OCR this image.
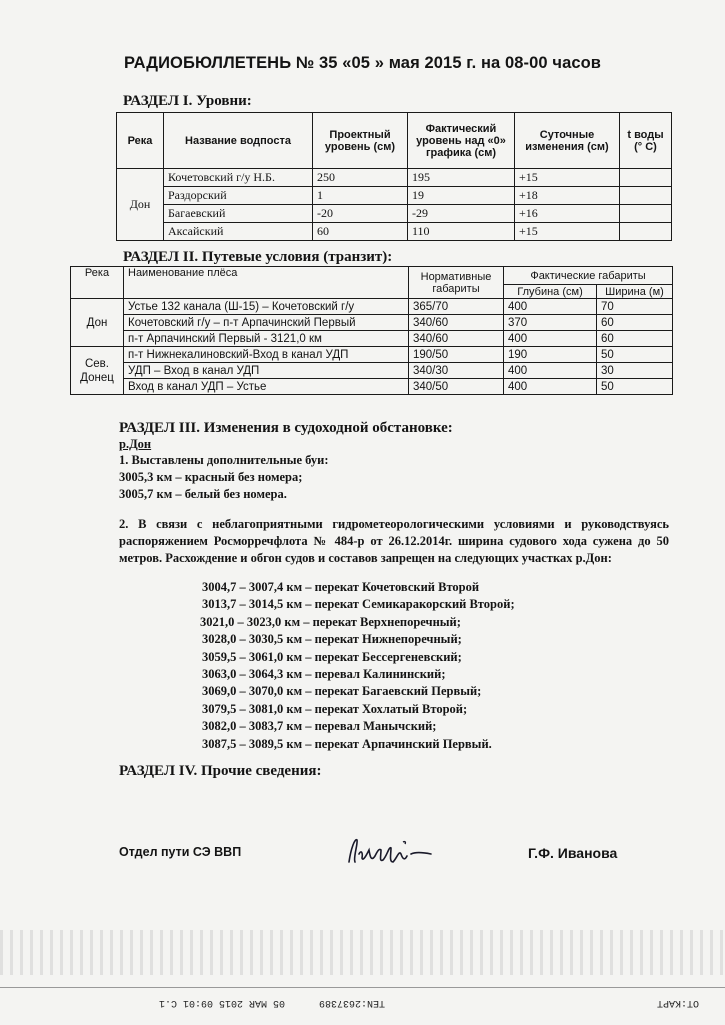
РАДИОБЮЛЛЕТЕНЬ № 35 «05 » мая 2015 г. на 08-00 часов
РАЗДЕЛ I. Уровни:
Река	Название водпоста	Проектный уровень (см)	Фактический уровень над «0» графика (см)	Суточные изменения (см)	t воды (° С)
Дон	Кочетовский г/у Н.Б.	250	195	+15	
	Раздорский	1	19	+18	
	Багаевский	-20	-29	+16	
	Аксайский	60	110	+15	
РАЗДЕЛ II. Путевые условия (транзит):
Река	Наименование плёса	Нормативные габариты	Фактические габариты	
			Глубина (см)	Ширина (м)
Дон	Устье 132 канала (Ш-15) – Кочетовский г/у	365/70	400	70
	Кочетовский г/у – п-т Арпачинский Первый	340/60	370	60
	п-т Арпачинский Первый - 3121,0 км	340/60	400	60
Сев. Донец	п-т Нижнекалиновский-Вход в канал УДП	190/50	190	50
	УДП – Вход в канал УДП	340/30	400	30
	Вход в канал УДП – Устье	340/50	400	50
РАЗДЕЛ III. Изменения в судоходной обстановке:
р.Дон
1. Выставлены дополнительные буи:
3005,3 км – красный без номера;
3005,7 км – белый без номера.
2. В связи с неблагоприятными гидрометеорологическими условиями и руководствуясь распоряжением Росморречфлота № 484-р от 26.12.2014г. ширина судового хода сужена до 50 метров. Расхождение и обгон судов и составов запрещен на следующих участках р.Дон:
3004,7 – 3007,4 км – перекат Кочетовский Второй
3013,7 – 3014,5 км – перекат Семикаракорский Второй;
3021,0 – 3023,0 км – перекат Верхнепоречный;
3028,0 – 3030,5 км – перекат Нижнепоречный;
3059,5 – 3061,0 км – перекат Бессергеневский;
3063,0 – 3064,3 км – перевал Калининский;
3069,0 – 3070,0 км – перекат Багаевский Первый;
3079,5 – 3081,0 км – перекат Хохлатый Второй;
3082,0 – 3083,7 км – перевал Манычский;
3087,5 – 3089,5 км – перекат Арпачинский Первый.
РАЗДЕЛ IV. Прочие сведения:
Отдел пути СЭ ВВП	Г.Ф. Иванова
OT:KAPT
TEN:2637389
05 MAR 2015 09:01 C.1
